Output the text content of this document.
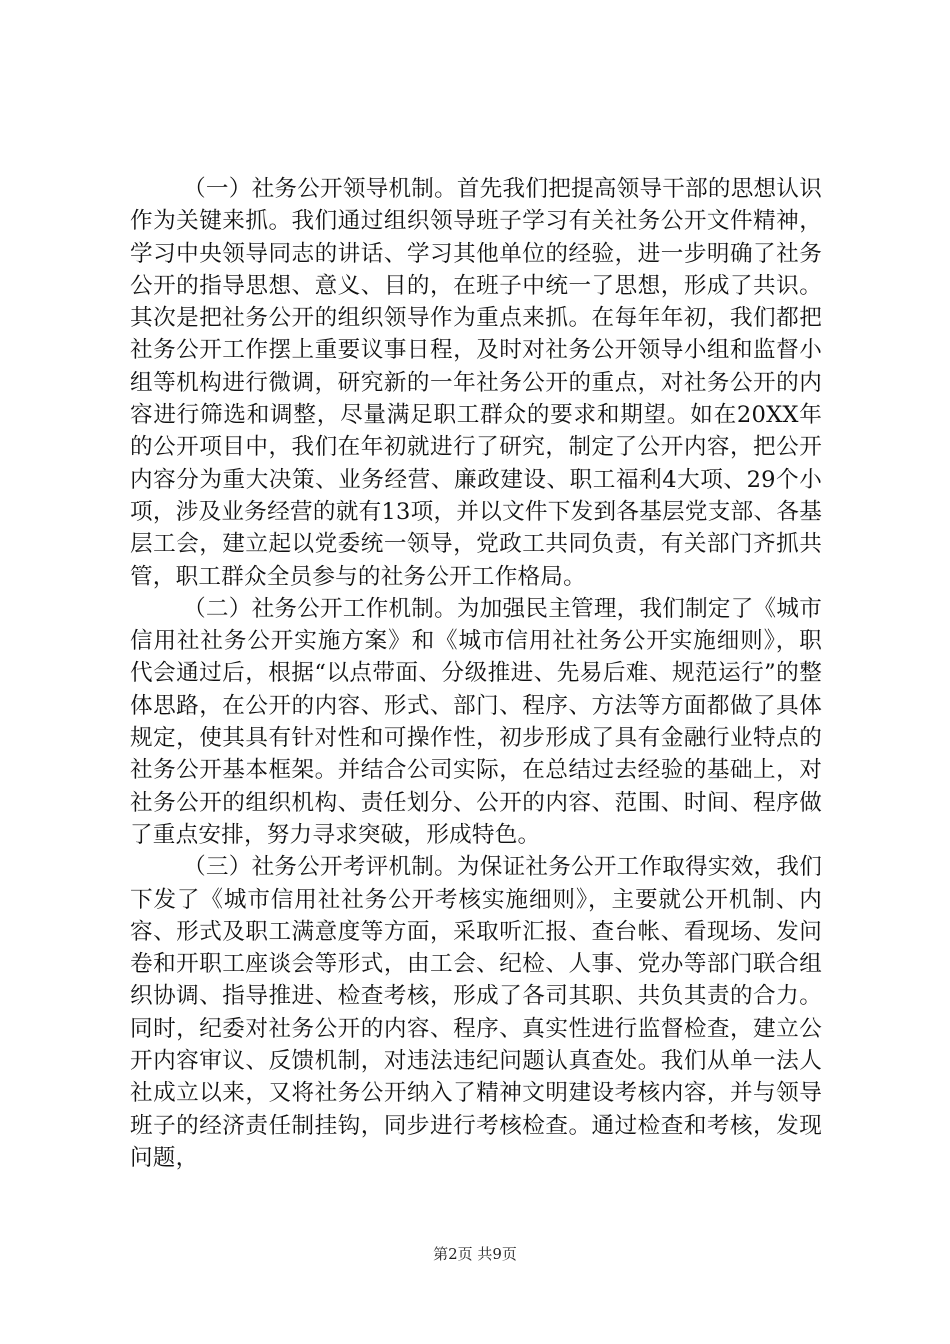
（一）社务公开领导机制。首先我们把提高领导干部的思想认识作为关键来抓。我们通过组织领导班子学习有关社务公开文件精神，学习中央领导同志的讲话、学习其他单位的经验，进一步明确了社务公开的指导思想、意义、目的，在班子中统一了思想，形成了共识。其次是把社务公开的组织领导作为重点来抓。在每年年初，我们都把社务公开工作摆上重要议事日程，及时对社务公开领导小组和监督小组等机构进行微调，研究新的一年社务公开的重点，对社务公开的内容进行筛选和调整，尽量满足职工群众的要求和期望。如在20XX年的公开项目中，我们在年初就进行了研究，制定了公开内容，把公开内容分为重大决策、业务经营、廉政建设、职工福利4大项、29个小项，涉及业务经营的就有13项，并以文件下发到各基层党支部、各基层工会，建立起以党委统一领导，党政工共同负责，有关部门齐抓共管，职工群众全员参与的社务公开工作格局。

（二）社务公开工作机制。为加强民主管理，我们制定了《城市信用社社务公开实施方案》和《城市信用社社务公开实施细则》，职代会通过后，根据“以点带面、分级推进、先易后难、规范运行”的整体思路，在公开的内容、形式、部门、程序、方法等方面都做了具体规定，使其具有针对性和可操作性，初步形成了具有金融行业特点的社务公开基本框架。并结合公司实际，在总结过去经验的基础上，对社务公开的组织机构、责任划分、公开的内容、范围、时间、程序做了重点安排，努力寻求突破，形成特色。

（三）社务公开考评机制。为保证社务公开工作取得实效，我们下发了《城市信用社社务公开考核实施细则》，主要就公开机制、内容、形式及职工满意度等方面，采取听汇报、查台帐、看现场、发问卷和开职工座谈会等形式，由工会、纪检、人事、党办等部门联合组织协调、指导推进、检查考核，形成了各司其职、共负其责的合力。同时，纪委对社务公开的内容、程序、真实性进行监督检查，建立公开内容审议、反馈机制，对违法违纪问题认真查处。我们从单一法人社成立以来，又将社务公开纳入了精神文明建设考核内容，并与领导班子的经济责任制挂钩，同步进行考核检查。通过检查和考核，发现问题，

第2页 共9页
